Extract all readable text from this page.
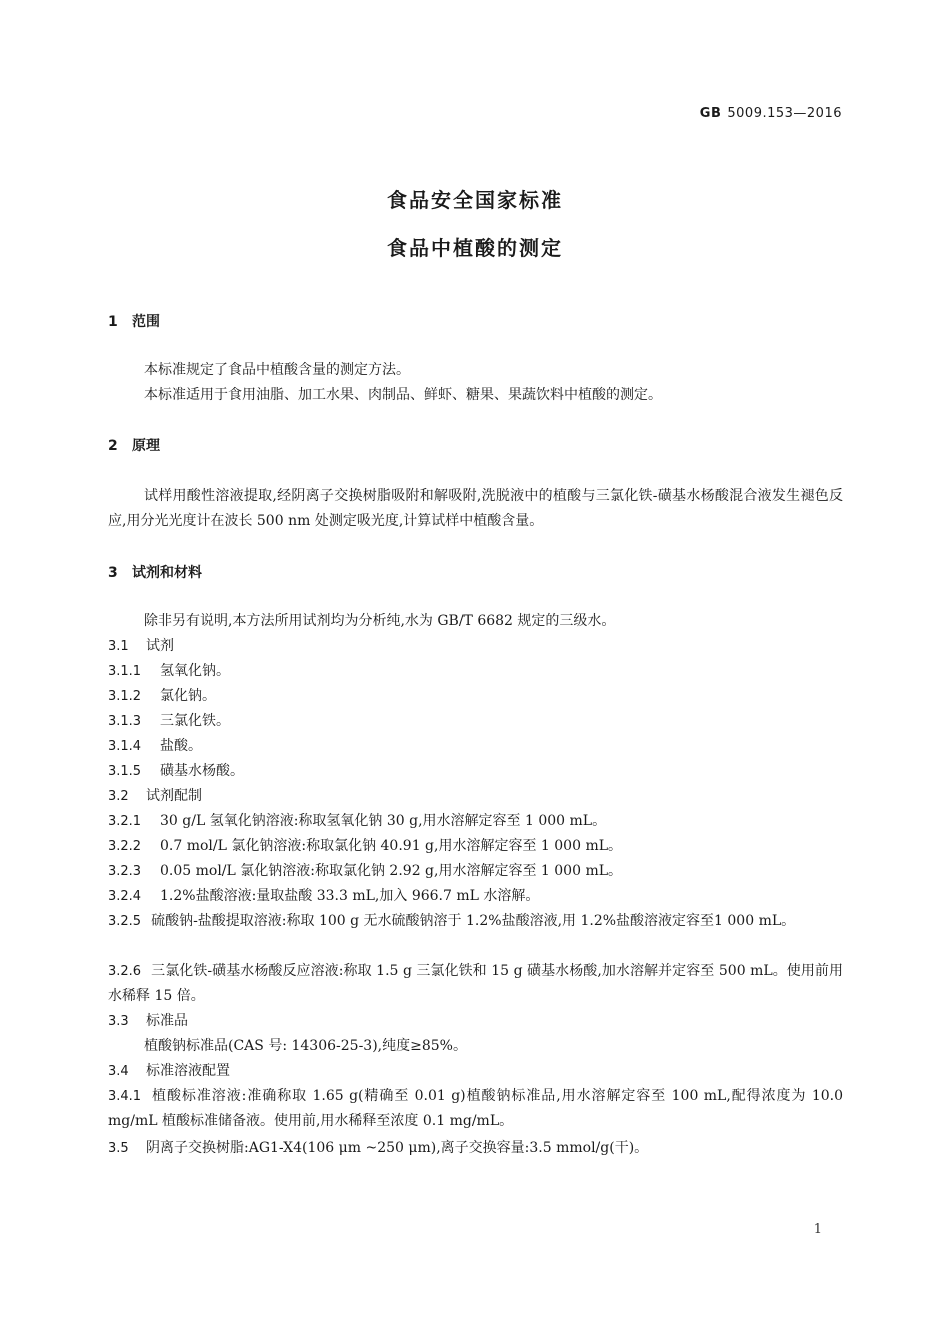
GB 5009.153—2016
食品安全国家标准
食品中植酸的测定
1 范围
本标准规定了食品中植酸含量的测定方法。
本标准适用于食用油脂、加工水果、肉制品、鲜虾、糖果、果蔬饮料中植酸的测定。
2 原理
试样用酸性溶液提取,经阴离子交换树脂吸附和解吸附,洗脱液中的植酸与三氯化铁-磺基水杨酸混合液发生褪色反应,用分光光度计在波长 500 nm 处测定吸光度,计算试样中植酸含量。
3 试剂和材料
除非另有说明,本方法所用试剂均为分析纯,水为 GB/T 6682 规定的三级水。
3.1 试剂
3.1.1 氢氧化钠。
3.1.2 氯化钠。
3.1.3 三氯化铁。
3.1.4 盐酸。
3.1.5 磺基水杨酸。
3.2 试剂配制
3.2.1 30 g/L 氢氧化钠溶液:称取氢氧化钠 30 g,用水溶解定容至 1 000 mL。
3.2.2 0.7 mol/L 氯化钠溶液:称取氯化钠 40.91 g,用水溶解定容至 1 000 mL。
3.2.3 0.05 mol/L 氯化钠溶液:称取氯化钠 2.92 g,用水溶解定容至 1 000 mL。
3.2.4 1.2%盐酸溶液:量取盐酸 33.3 mL,加入 966.7 mL 水溶解。
3.2.5 硫酸钠-盐酸提取溶液:称取 100 g 无水硫酸钠溶于 1.2%盐酸溶液,用 1.2%盐酸溶液定容至1 000 mL。
3.2.6 三氯化铁-磺基水杨酸反应溶液:称取 1.5 g 三氯化铁和 15 g 磺基水杨酸,加水溶解并定容至 500 mL。使用前用水稀释 15 倍。
3.3 标准品
植酸钠标准品(CAS 号: 14306-25-3),纯度≥85%。
3.4 标准溶液配置
3.4.1 植酸标准溶液:准确称取 1.65 g(精确至 0.01 g)植酸钠标准品,用水溶解定容至 100 mL,配得浓度为 10.0 mg/mL 植酸标准储备液。使用前,用水稀释至浓度 0.1 mg/mL。
3.5 阴离子交换树脂:AG1-X4(106 μm ~250 μm),离子交换容量:3.5 mmol/g(干)。
1
